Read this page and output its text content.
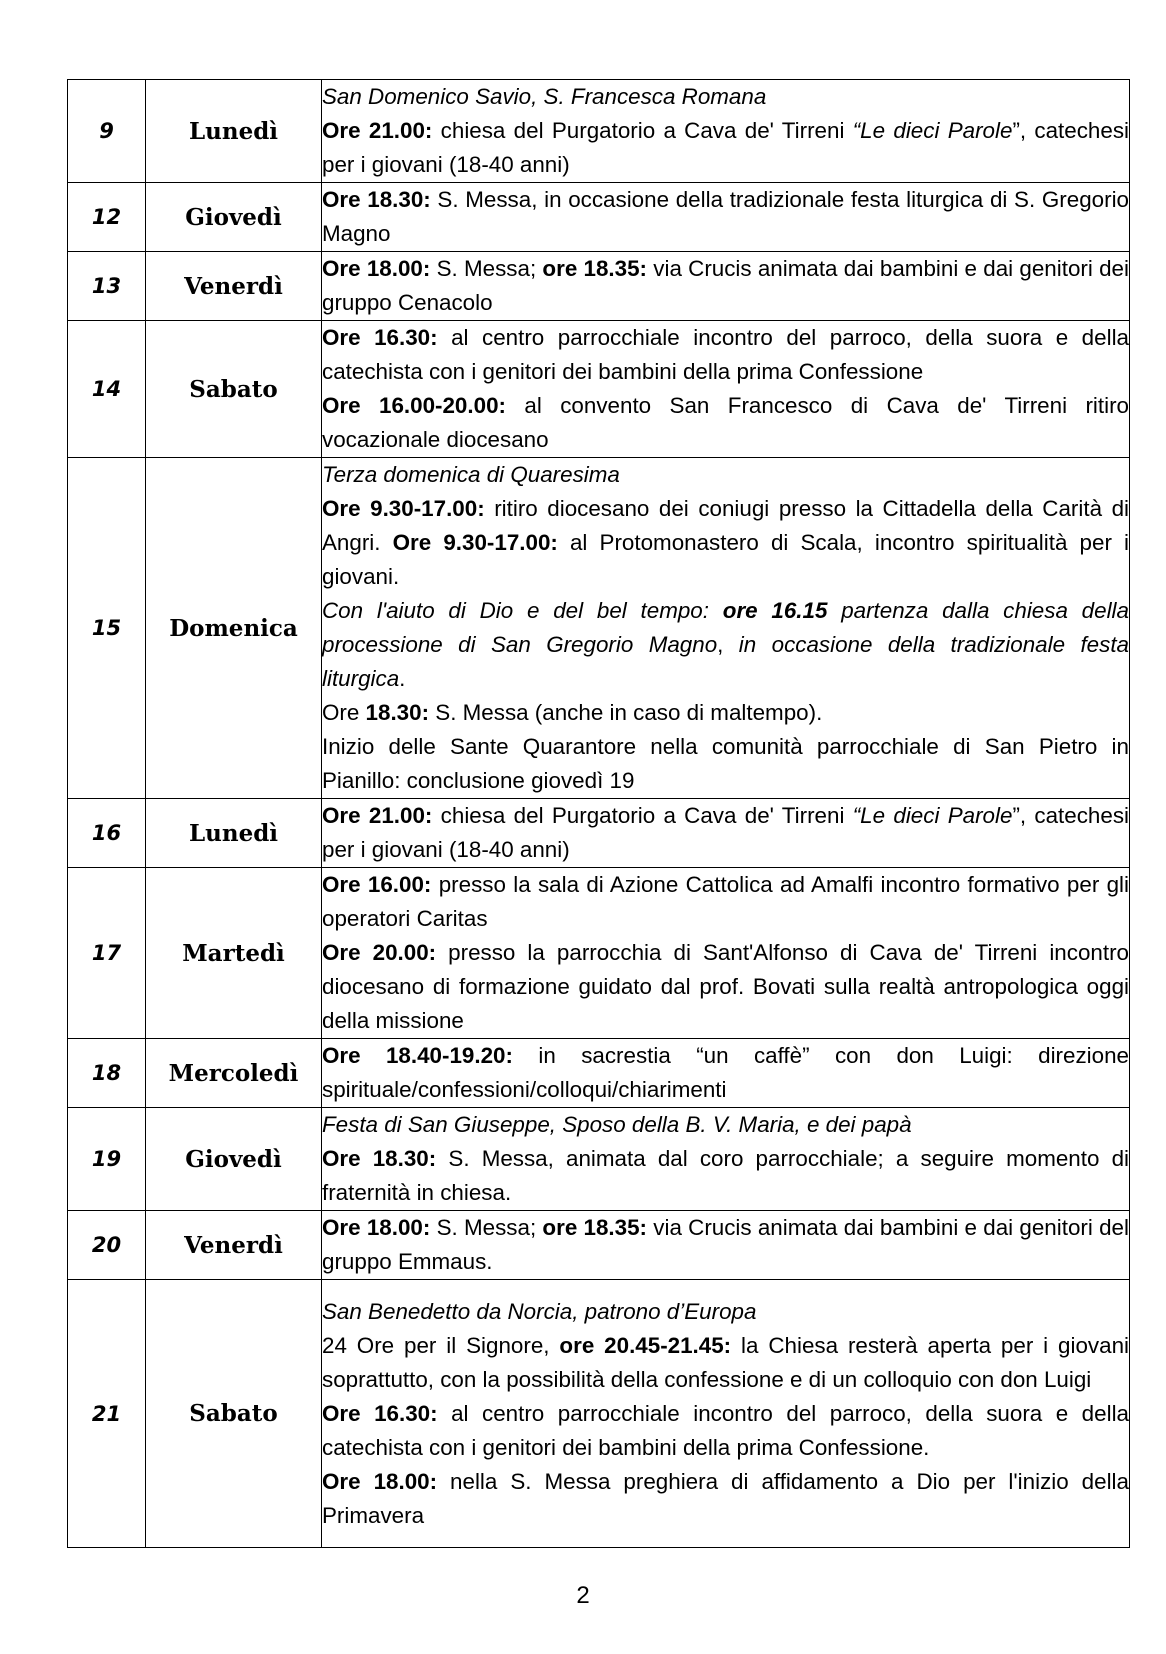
9	Lunedì	San Domenico Savio, S. Francesca Romana
Ore 21.00: chiesa del Purgatorio a Cava de' Tirreni “Le dieci Parole”, catechesi per i giovani (18-40 anni)

12	Giovedì	Ore 18.30: S. Messa, in occasione della tradizionale festa liturgica di S. Gregorio Magno

13	Venerdì	Ore 18.00: S. Messa; ore 18.35: via Crucis animata dai bambini e dai genitori dei gruppo Cenacolo

14	Sabato	Ore 16.30: al centro parrocchiale incontro del parroco, della suora e della catechista con i genitori dei bambini della prima Confessione
Ore 16.00-20.00: al convento San Francesco di Cava de' Tirreni ritiro vocazionale diocesano

15	Domenica	Terza domenica di Quaresima
Ore 9.30-17.00: ritiro diocesano dei coniugi presso la Cittadella della Carità di Angri. Ore 9.30-17.00: al Protomonastero di Scala, incontro spiritualità per i giovani.
Con l'aiuto di Dio e del bel tempo: ore 16.15 partenza dalla chiesa della processione di San Gregorio Magno, in occasione della tradizionale festa liturgica.
Ore 18.30: S. Messa (anche in caso di maltempo).
Inizio delle Sante Quarantore nella comunità parrocchiale di San Pietro in Pianillo: conclusione giovedì 19

16	Lunedì	Ore 21.00: chiesa del Purgatorio a Cava de' Tirreni “Le dieci Parole”, catechesi per i giovani (18-40 anni)

17	Martedì	Ore 16.00: presso la sala di Azione Cattolica ad Amalfi incontro formativo per gli operatori Caritas
Ore 20.00: presso la parrocchia di Sant'Alfonso di Cava de' Tirreni incontro diocesano di formazione guidato dal prof. Bovati sulla realtà antropologica oggi della missione

18	Mercoledì	Ore 18.40-19.20: in sacrestia “un caffè” con don Luigi: direzione spirituale/confessioni/colloqui/chiarimenti

19	Giovedì	Festa di San Giuseppe, Sposo della B. V. Maria, e dei papà
Ore 18.30: S. Messa, animata dal coro parrocchiale; a seguire momento di fraternità in chiesa.

20	Venerdì	Ore 18.00: S. Messa; ore 18.35: via Crucis animata dai bambini e dai genitori del gruppo Emmaus.

21	Sabato	San Benedetto da Norcia, patrono d’Europa
24 Ore per il Signore, ore 20.45-21.45: la Chiesa resterà aperta per i giovani soprattutto, con la possibilità della confessione e di un colloquio con don Luigi
Ore 16.30: al centro parrocchiale incontro del parroco, della suora e della catechista con i genitori dei bambini della prima Confessione.
Ore 18.00: nella S. Messa preghiera di affidamento a Dio per l'inizio della Primavera
2
